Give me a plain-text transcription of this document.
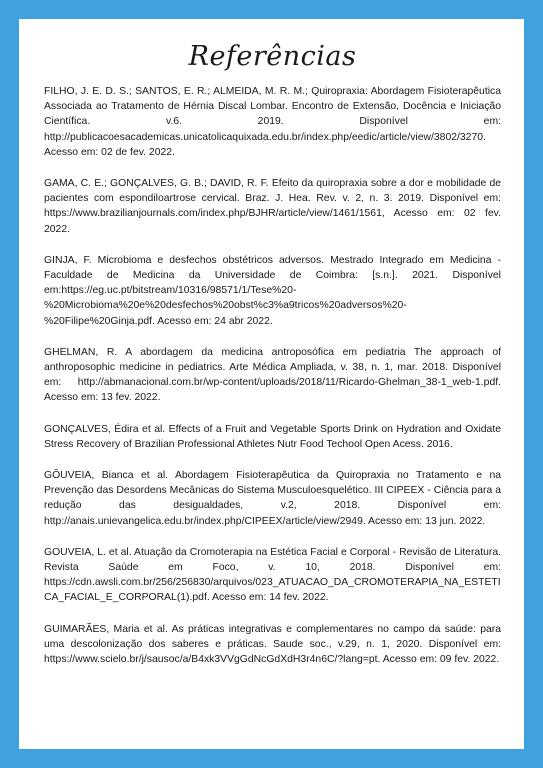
Referências

FILHO, J. E. D. S.; SANTOS, E. R.; ALMEIDA, M. R. M.; Quiropraxia: Abordagem Fisioterapêutica Associada ao Tratamento de Hérnia Discal Lombar. Encontro de Extensão, Docência e Iniciação Científica. v.6. 2019. Disponível em: http://publicacoesacademicas.unicatolicaquixada.edu.br/index.php/eedic/article/view/3802/3270. Acesso em: 02 de fev. 2022.

GAMA, C. E.; GONÇALVES, G. B.; DAVID, R. F. Efeito da quiropraxia sobre a dor e mobilidade de pacientes com espondiloartrose cervical. Braz. J. Hea. Rev. v. 2, n. 3. 2019. Disponível em: https://www.brazilianjournals.com/index.php/BJHR/article/view/1461/1561, Acesso em: 02 fev. 2022.

GINJA, F. Microbioma e desfechos obstétricos adversos. Mestrado Integrado em Medicina - Faculdade de Medicina da Universidade de Coimbra: [s.n.]. 2021. Disponível em:https://eg.uc.pt/bitstream/10316/98571/1/Tese%20-%20Microbioma%20e%20desfechos%20obst%c3%a9tricos%20adversos%20-%20Filipe%20Ginja.pdf. Acesso em: 24 abr 2022.

GHELMAN, R. A abordagem da medicina antroposófica em pediatria The approach of anthroposophic medicine in pediatrics. Arte Médica Ampliada, v. 38, n. 1, mar. 2018. Disponível em: http://abmanacional.com.br/wp-content/uploads/2018/11/Ricardo-Ghelman_38-1_web-1.pdf. Acesso em: 13 fev. 2022.

GONÇALVES, Édira et al. Effects of a Fruit and Vegetable Sports Drink on Hydration and Oxidate Stress Recovery of Brazilian Professional Athletes Nutr Food Techool Open Acess. 2016.

GÔUVEIA, Bianca et al. Abordagem Fisioterapêutica da Quiropraxia no Tratamento e na Prevenção das Desordens Mecânicas do Sistema Musculoesquelético. III CIPEEX - Ciência para a redução das desigualdades, v.2, 2018. Disponível em: http://anais.unievangelica.edu.br/index.php/CIPEEX/article/view/2949. Acesso em: 13 jun. 2022.

GOUVEIA, L. et al. Atuação da Cromoterapia na Estética Facial e Corporal - Revisão de Literatura. Revista Saúde em Foco, v. 10, 2018. Disponível em: https://cdn.awsli.com.br/256/256830/arquivos/023_ATUACAO_DA_CROMOTERAPIA_NA_ESTETICA_FACIAL_E_CORPORAL(1).pdf. Acesso em: 14 fev. 2022.

GUIMARÃES, Maria et al. As práticas integrativas e complementares no campo da saúde: para uma descolonização dos saberes e práticas. Saude soc., v.29, n. 1, 2020. Disponível em: https://www.scielo.br/j/sausoc/a/B4xk3VVgGdNcGdXdH3r4n6C/?lang=pt. Acesso em: 09 fev. 2022.
